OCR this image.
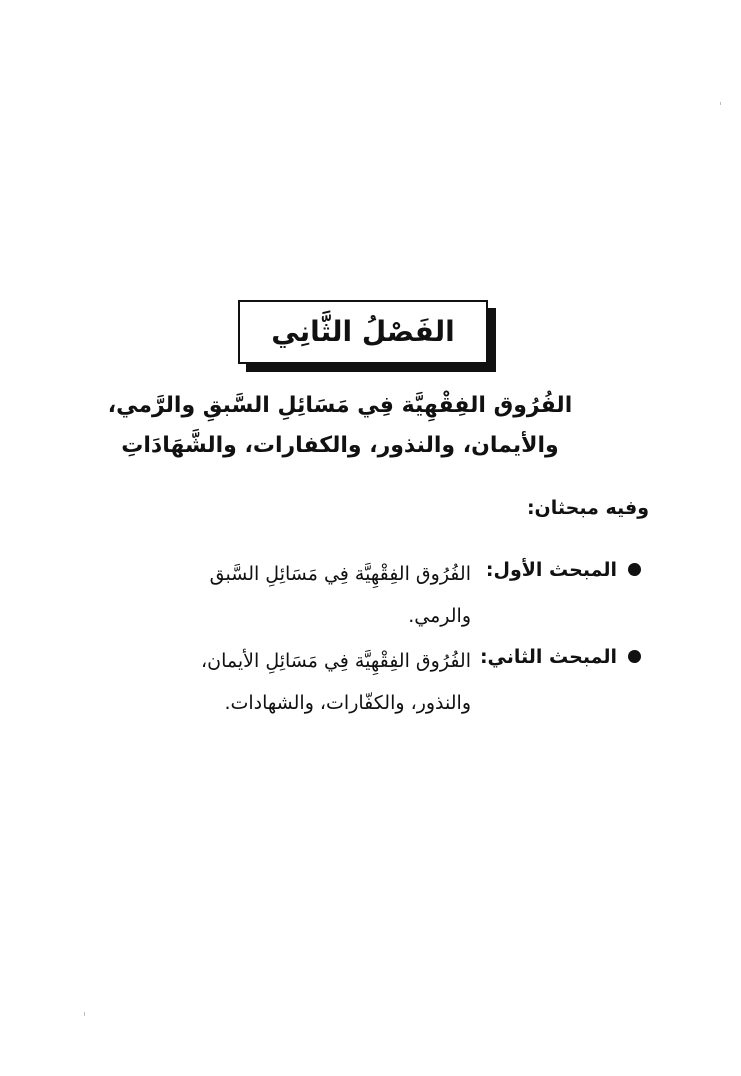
الفَصْلُ الثَّانِي
الفُرُوق الفِقْهِيَّة فِي مَسَائِلِ السَّبقِ والرَّمي،
والأيمان، والنذور، والكفارات، والشَّهَادَاتِ
وفيه مبحثان:
المبحث الأول:
الفُرُوق الفِقْهِيَّة فِي مَسَائِلِ السَّبق
والرمي.
المبحث الثاني:
الفُرُوق الفِقْهِيَّة فِي مَسَائِلِ الأيمان،
والنذور، والكفّارات، والشهادات.
